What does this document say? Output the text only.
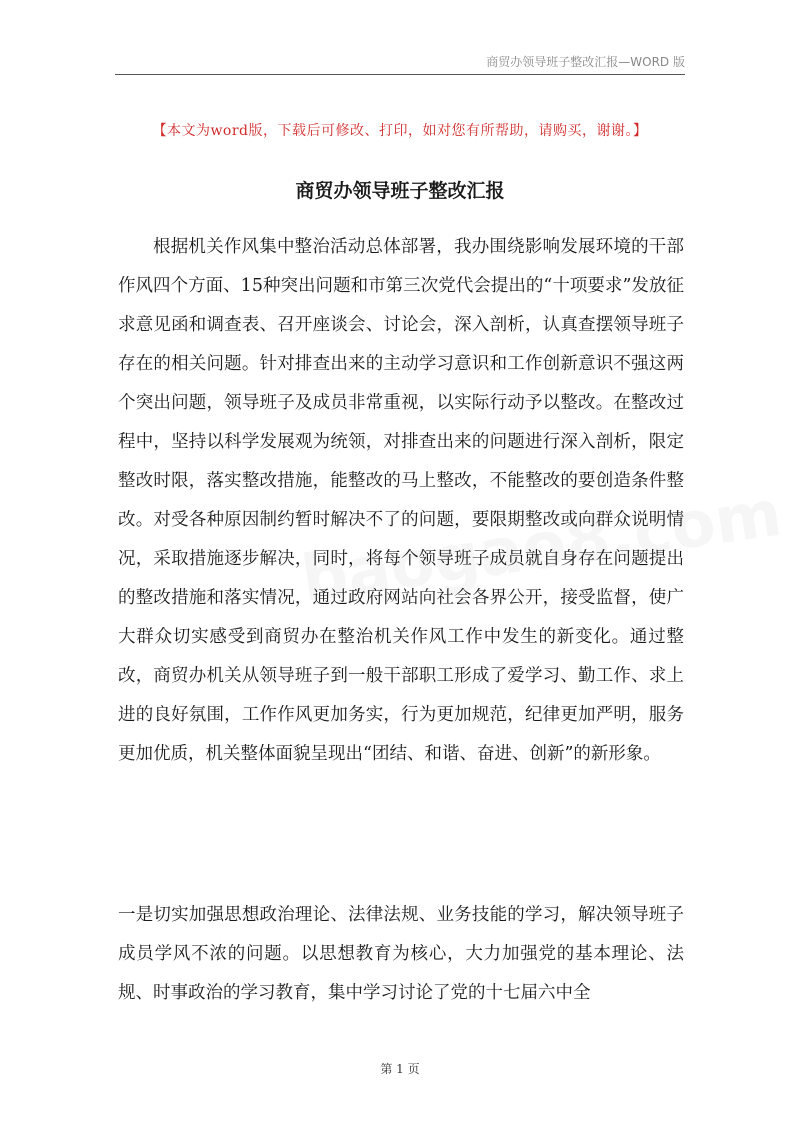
商贸办领导班子整改汇报—WORD 版
【本文为word版，下载后可修改、打印，如对您有所帮助，请购买，谢谢。】
商贸办领导班子整改汇报

根据机关作风集中整治活动总体部署，我办围绕影响发展环境的干部作风四个方面、15种突出问题和市第三次党代会提出的“十项要求”发放征求意见函和调查表、召开座谈会、讨论会，深入剖析，认真查摆领导班子存在的相关问题。针对排查出来的主动学习意识和工作创新意识不强这两个突出问题，领导班子及成员非常重视，以实际行动予以整改。在整改过程中，坚持以科学发展观为统领，对排查出来的问题进行深入剖析，限定整改时限，落实整改措施，能整改的马上整改，不能整改的要创造条件整改。对受各种原因制约暂时解决不了的问题，要限期整改或向群众说明情况，采取措施逐步解决，同时，将每个领导班子成员就自身存在问题提出的整改措施和落实情况，通过政府网站向社会各界公开，接受监督，使广大群众切实感受到商贸办在整治机关作风工作中发生的新变化。通过整改，商贸办机关从领导班子到一般干部职工形成了爱学习、勤工作、求上进的良好氛围，工作作风更加务实，行为更加规范，纪律更加严明，服务更加优质，机关整体面貌呈现出“团结、和谐、奋进、创新”的新形象。

一是切实加强思想政治理论、法律法规、业务技能的学习，解决领导班子成员学风不浓的问题。以思想教育为核心，大力加强党的基本理论、法规、时事政治的学习教育，集中学习讨论了党的十七届六中全

第 1 页
